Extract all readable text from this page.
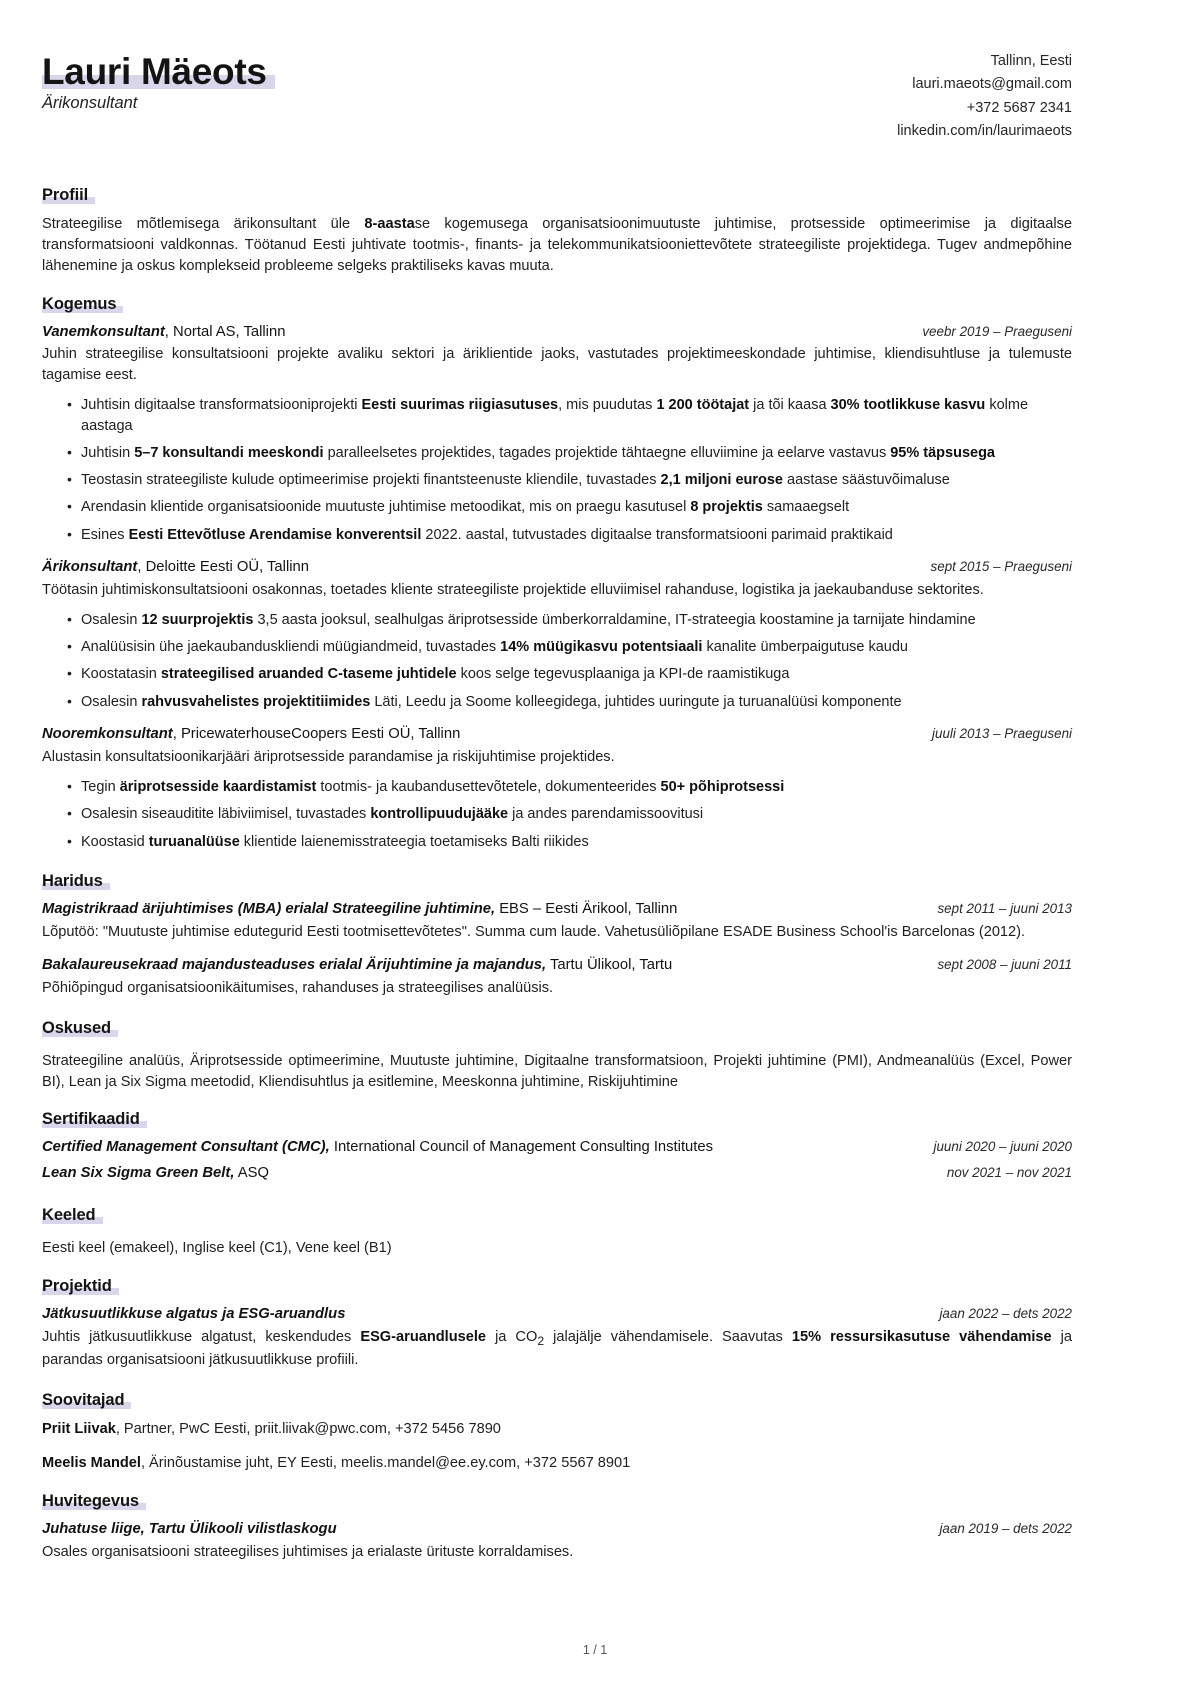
Lauri Mäeots
Ärikonsultant
Tallinn, Eesti
lauri.maeots@gmail.com
+372 5687 2341
linkedin.com/in/laurimaeots
Profiil

Strateegilise mõtlemisega ärikonsultant üle 8-aastase kogemusega organisatsioonimuutuste juhtimise, protsesside optimeerimise ja digitaalse transformatsiooni valdkonnas. Töötanud Eesti juhtivate tootmis-, finants- ja telekommunikatsiooniettevõtete strateegiliste projektidega. Tugev andmepõhine lähenemine ja oskus komplekseid probleeme selgeks praktiliseks kavas muuta.

Kogemus
Vanemkonsultant, Nortal AS, Tallinn	veebr 2019 – Praeguseni

Juhin strateegilise konsultatsiooni projekte avaliku sektori ja äriklientide jaoks, vastutades projektimeeskondade juhtimise, kliendisuhtluse ja tulemuste tagamise eest.

• Juhtisin digitaalse transformatsiooniprojekti Eesti suurimas riigiasutuses, mis puudutas 1 200 töötajat ja tõi kaasa 30% tootlikkuse kasvu kolme aastaga
• Juhtisin 5–7 konsultandi meeskondi paralleelsetes projektides, tagades projektide tähtaegne elluviimine ja eelarve vastavus 95% täpsusega
• Teostasin strateegiliste kulude optimeerimise projekti finantsteenuste kliendile, tuvastades 2,1 miljoni eurose aastase säästuvõimaluse
• Arendasin klientide organisatsioonide muutuste juhtimise metoodikat, mis on praegu kasutusel 8 projektis samaaegselt
• Esines Eesti Ettevõtluse Arendamise konverentsil 2022. aastal, tutvustades digitaalse transformatsiooni parimaid praktikaid
Ärikonsultant, Deloitte Eesti OÜ, Tallinn	sept 2015 – Praeguseni

Töötasin juhtimiskonsultatsiooni osakonnas, toetades kliente strateegiliste projektide elluviimisel rahanduse, logistika ja jaekaubanduse sektorites.

• Osalesin 12 suurprojektis 3,5 aasta jooksul, sealhulgas äriprotsesside ümberkorraldamine, IT-strateegia koostamine ja tarnijate hindamine
• Analüüsisin ühe jaekaubanduskliendi müügiandmeid, tuvastades 14% müügikasvu potentsiaali kanalite ümberpaigutuse kaudu
• Koostatasin strateegilised aruanded C-taseme juhtidele koos selge tegevusplaaniga ja KPI-de raamistikuga
• Osalesin rahvusvahelistes projektitiimides Läti, Leedu ja Soome kolleegidega, juhtides uuringute ja turuanalüüsi komponente
Nooremkonsultant, PricewaterhouseCoopers Eesti OÜ, Tallinn	juuli 2013 – Praeguseni

Alustasin konsultatsioonikarjääri äriprotsesside parandamise ja riskijuhtimise projektides.

• Tegin äriprotsesside kaardistamist tootmis- ja kaubandusettevõtetele, dokumenteerides 50+ põhiprotsessi
• Osalesin siseauditite läbiviimisel, tuvastades kontrollipuudujääke ja andes parendamissoovitusi
• Koostasid turuanalüüse klientide laienemisstrateegia toetamiseks Balti riikides
Haridus
Magistrikraad ärijuhtimises (MBA) erialal Strateegiline juhtimine, EBS – Eesti Ärikool, Tallinn	sept 2011 – juuni 2013

Lõputöö: "Muutuste juhtimise edutegurid Eesti tootmisettevõtetes". Summa cum laude. Vahetusüliõpilane ESADE Business School'is Barcelonas (2012).

Bakalaureusekraad majandusteaduses erialal Ärijuhtimine ja majandus, Tartu Ülikool, Tartu	sept 2008 – juuni 2011

Põhiõpingud organisatsioonikäitumises, rahanduses ja strateegilises analüüsis.

Oskused

Strateegiline analüüs, Äriprotsesside optimeerimine, Muutuste juhtimine, Digitaalne transformatsioon, Projekti juhtimine (PMI), Andmeanalüüs (Excel, Power BI), Lean ja Six Sigma meetodid, Kliendisuhtlus ja esitlemine, Meeskonna juhtimine, Riskijuhtimine

Sertifikaadid
Certified Management Consultant (CMC), International Council of Management Consulting Institutes	juuni 2020 – juuni 2020
Lean Six Sigma Green Belt, ASQ	nov 2021 – nov 2021
Keeled

Eesti keel (emakeel), Inglise keel (C1), Vene keel (B1)

Projektid
Jätkusuutlikkuse algatus ja ESG-aruandlus	jaan 2022 – dets 2022

Juhtis jätkusuutlikkuse algatust, keskendudes ESG-aruandlusele ja $CO_2$ jalajälje vähendamisele. Saavutas 15% ressursikasutuse vähendamise ja parandas organisatsiooni jätkusuutlikkuse profiili.

Soovitajad
Priit Liivak, Partner, PwC Eesti, priit.liivak@pwc.com, +372 5456 7890
Meelis Mandel, Ärinõustamise juht, EY Eesti, meelis.mandel@ee.ey.com, +372 5567 8901
Huvitegevus
Juhatuse liige, Tartu Ülikooli vilistlaskogu	jaan 2019 – dets 2022

Osales organisatsiooni strateegilises juhtimises ja erialaste ürituste korraldamises.

1 / 1
